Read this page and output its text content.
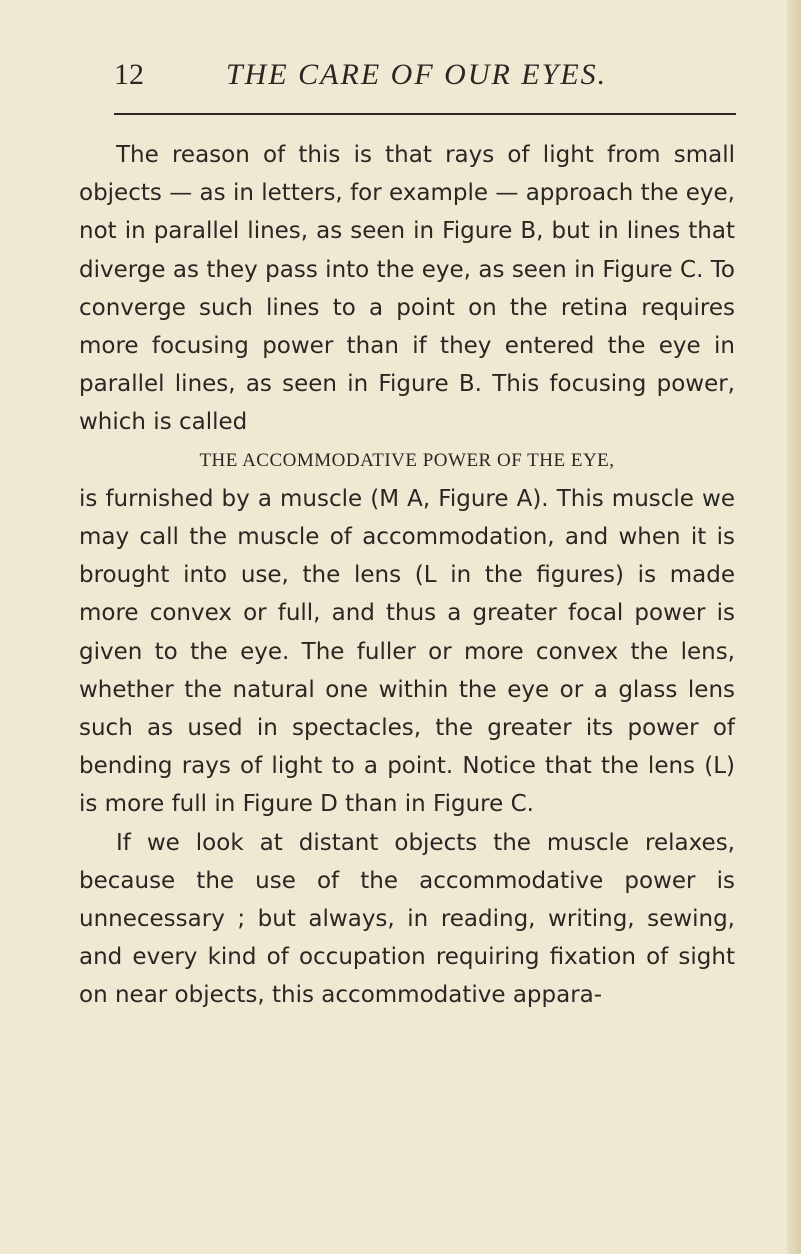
12	THE CARE OF OUR EYES.

The reason of this is that rays of light from small objects — as in letters, for example — approach the eye, not in parallel lines, as seen in Figure B, but in lines that diverge as they pass into the eye, as seen in Figure C. To converge such lines to a point on the retina requires more focusing power than if they entered the eye in parallel lines, as seen in Figure B. This focusing power, which is called

THE ACCOMMODATIVE POWER OF THE EYE,

is furnished by a muscle (M A, Figure A). This muscle we may call the muscle of accommodation, and when it is brought into use, the lens (L in the figures) is made more convex or full, and thus a greater focal power is given to the eye. The fuller or more convex the lens, whether the natural one within the eye or a glass lens such as used in spectacles, the greater its power of bending rays of light to a point. Notice that the lens (L) is more full in Figure D than in Figure C.

If we look at distant objects the muscle relaxes, because the use of the accommodative power is unnecessary ; but always, in reading, writing, sewing, and every kind of occupation requiring fixation of sight on near objects, this accommodative appara-
